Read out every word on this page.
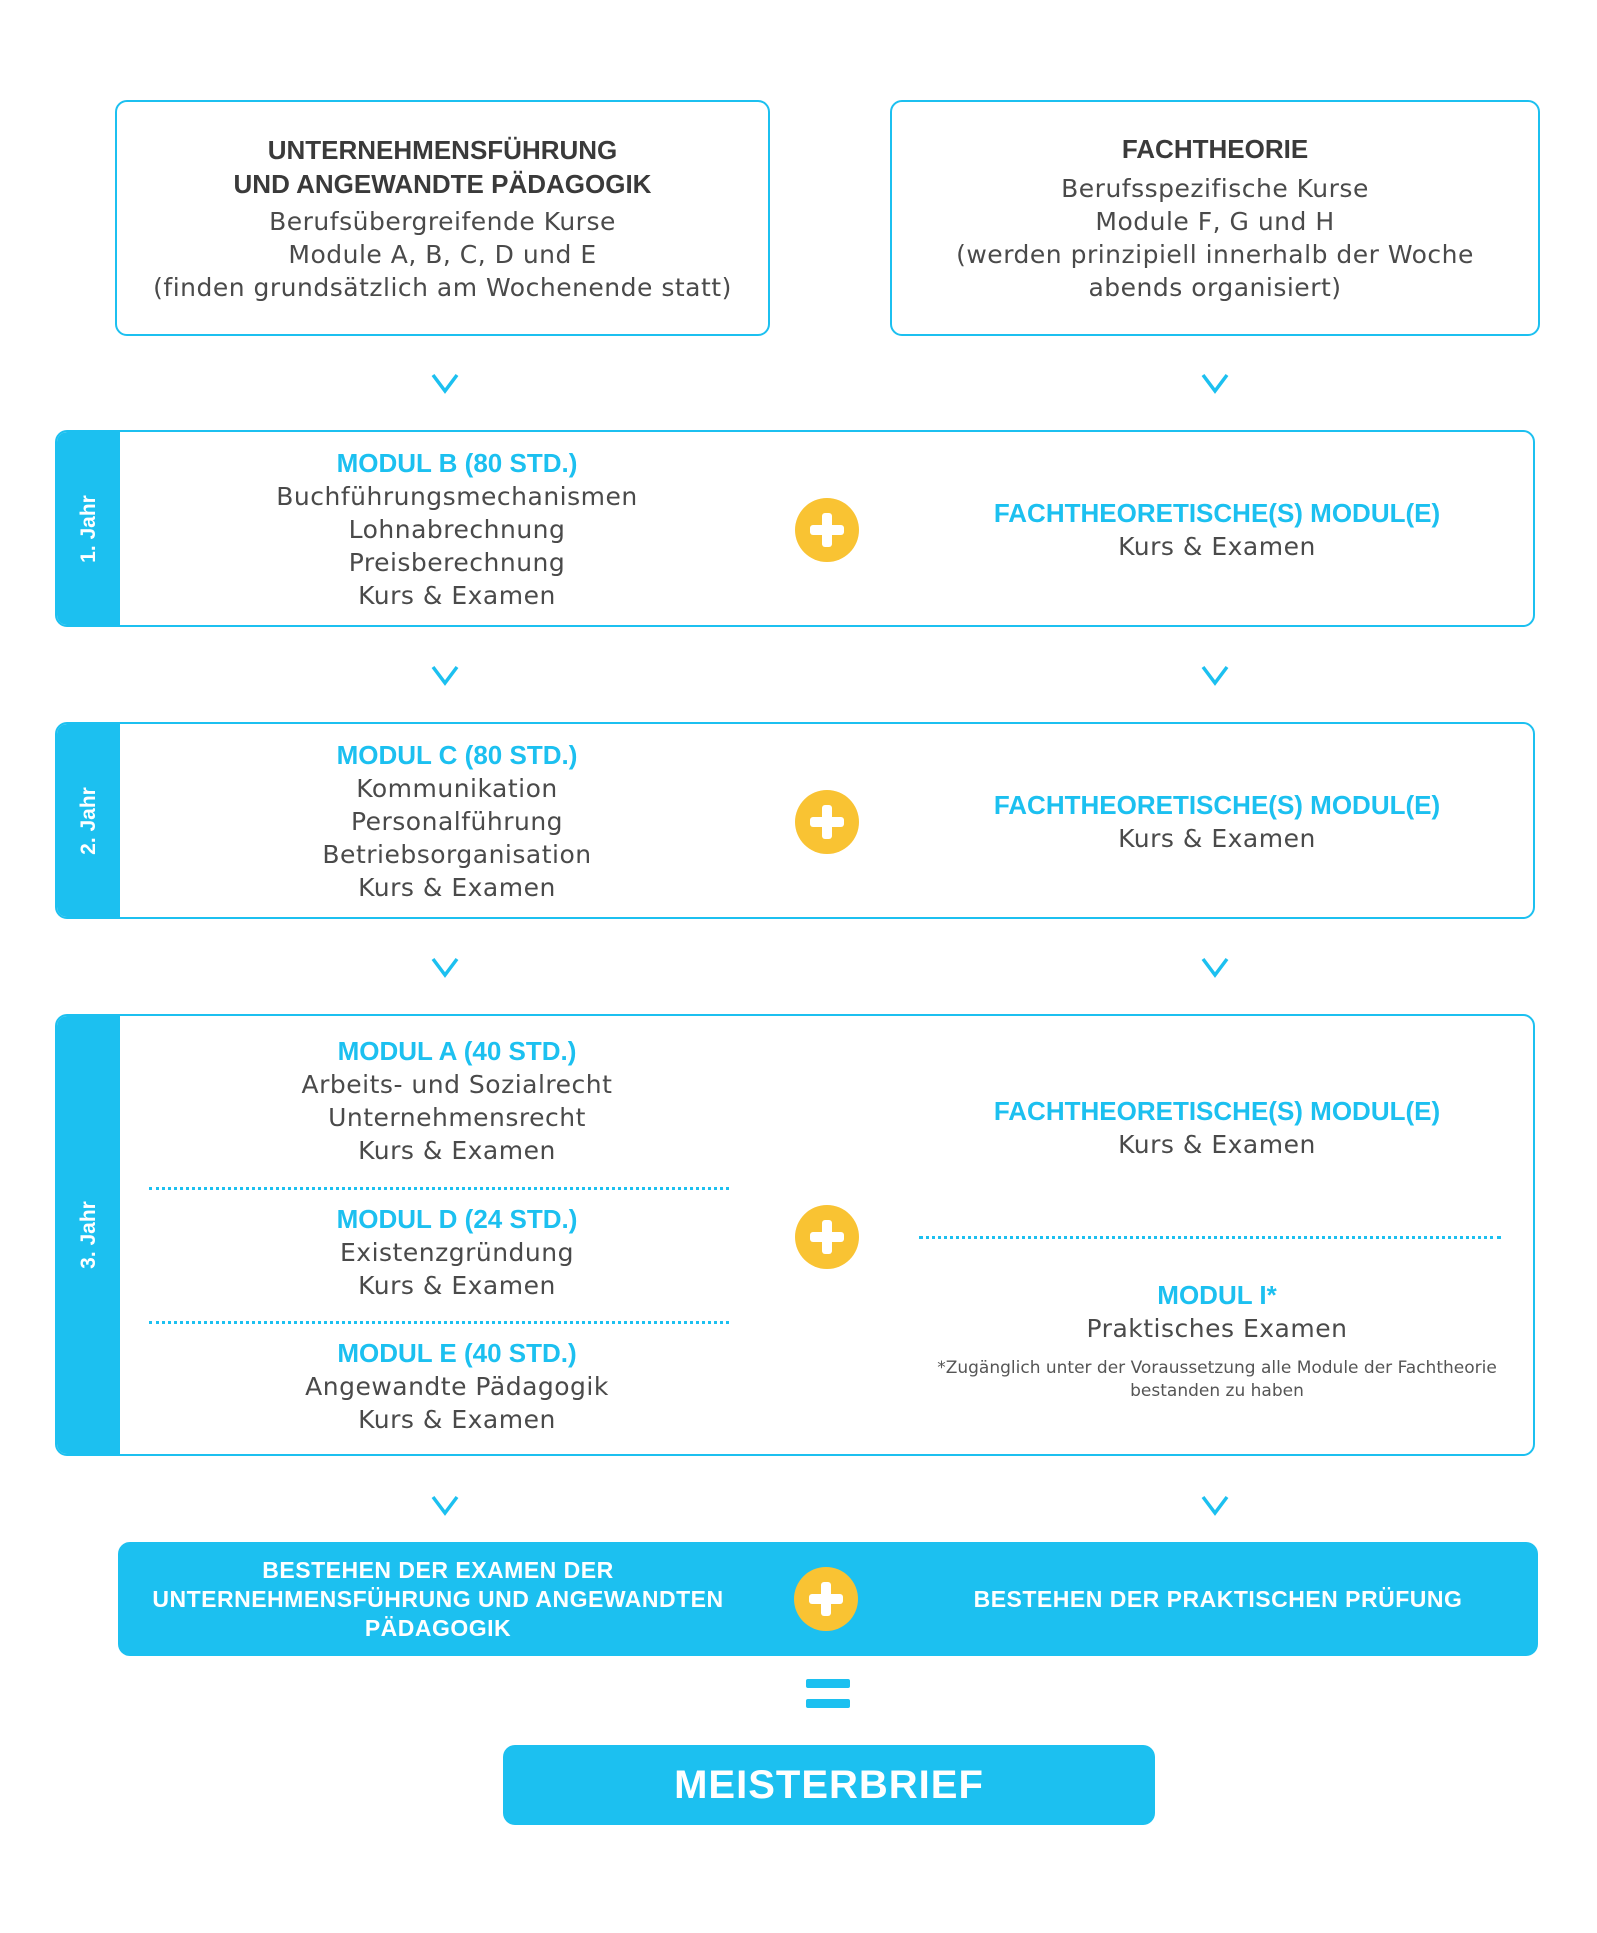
UNTERNEHMENSFÜHRUNG
UND ANGEWANDTE PÄDAGOGIK
Berufsübergreifende Kurse
Module A, B, C, D und E
(finden grundsätzlich am Wochenende statt)
FACHTHEORIE
Berufsspezifische Kurse
Module F, G und H
(werden prinzipiell innerhalb der Woche
abends organisiert)
1. Jahr
MODUL B (80 STD.)
Buchführungsmechanismen
Lohnabrechnung
Preisberechnung
Kurs & Examen
FACHTHEORETISCHE(S) MODUL(E)
Kurs & Examen
2. Jahr
MODUL C (80 STD.)
Kommunikation
Personalführung
Betriebsorganisation
Kurs & Examen
FACHTHEORETISCHE(S) MODUL(E)
Kurs & Examen
3. Jahr
MODUL A (40 STD.)
Arbeits- und Sozialrecht
Unternehmensrecht
Kurs & Examen
MODUL D (24 STD.)
Existenzgründung
Kurs & Examen
MODUL E (40 STD.)
Angewandte Pädagogik
Kurs & Examen
FACHTHEORETISCHE(S) MODUL(E)
Kurs & Examen
MODUL I*
Praktisches Examen
*Zugänglich unter der Voraussetzung alle Module der Fachtheorie
bestanden zu haben
BESTEHEN DER EXAMEN DER
UNTERNEHMENSFÜHRUNG UND ANGEWANDTEN
PÄDAGOGIK
BESTEHEN DER PRAKTISCHEN PRÜFUNG
MEISTERBRIEF
